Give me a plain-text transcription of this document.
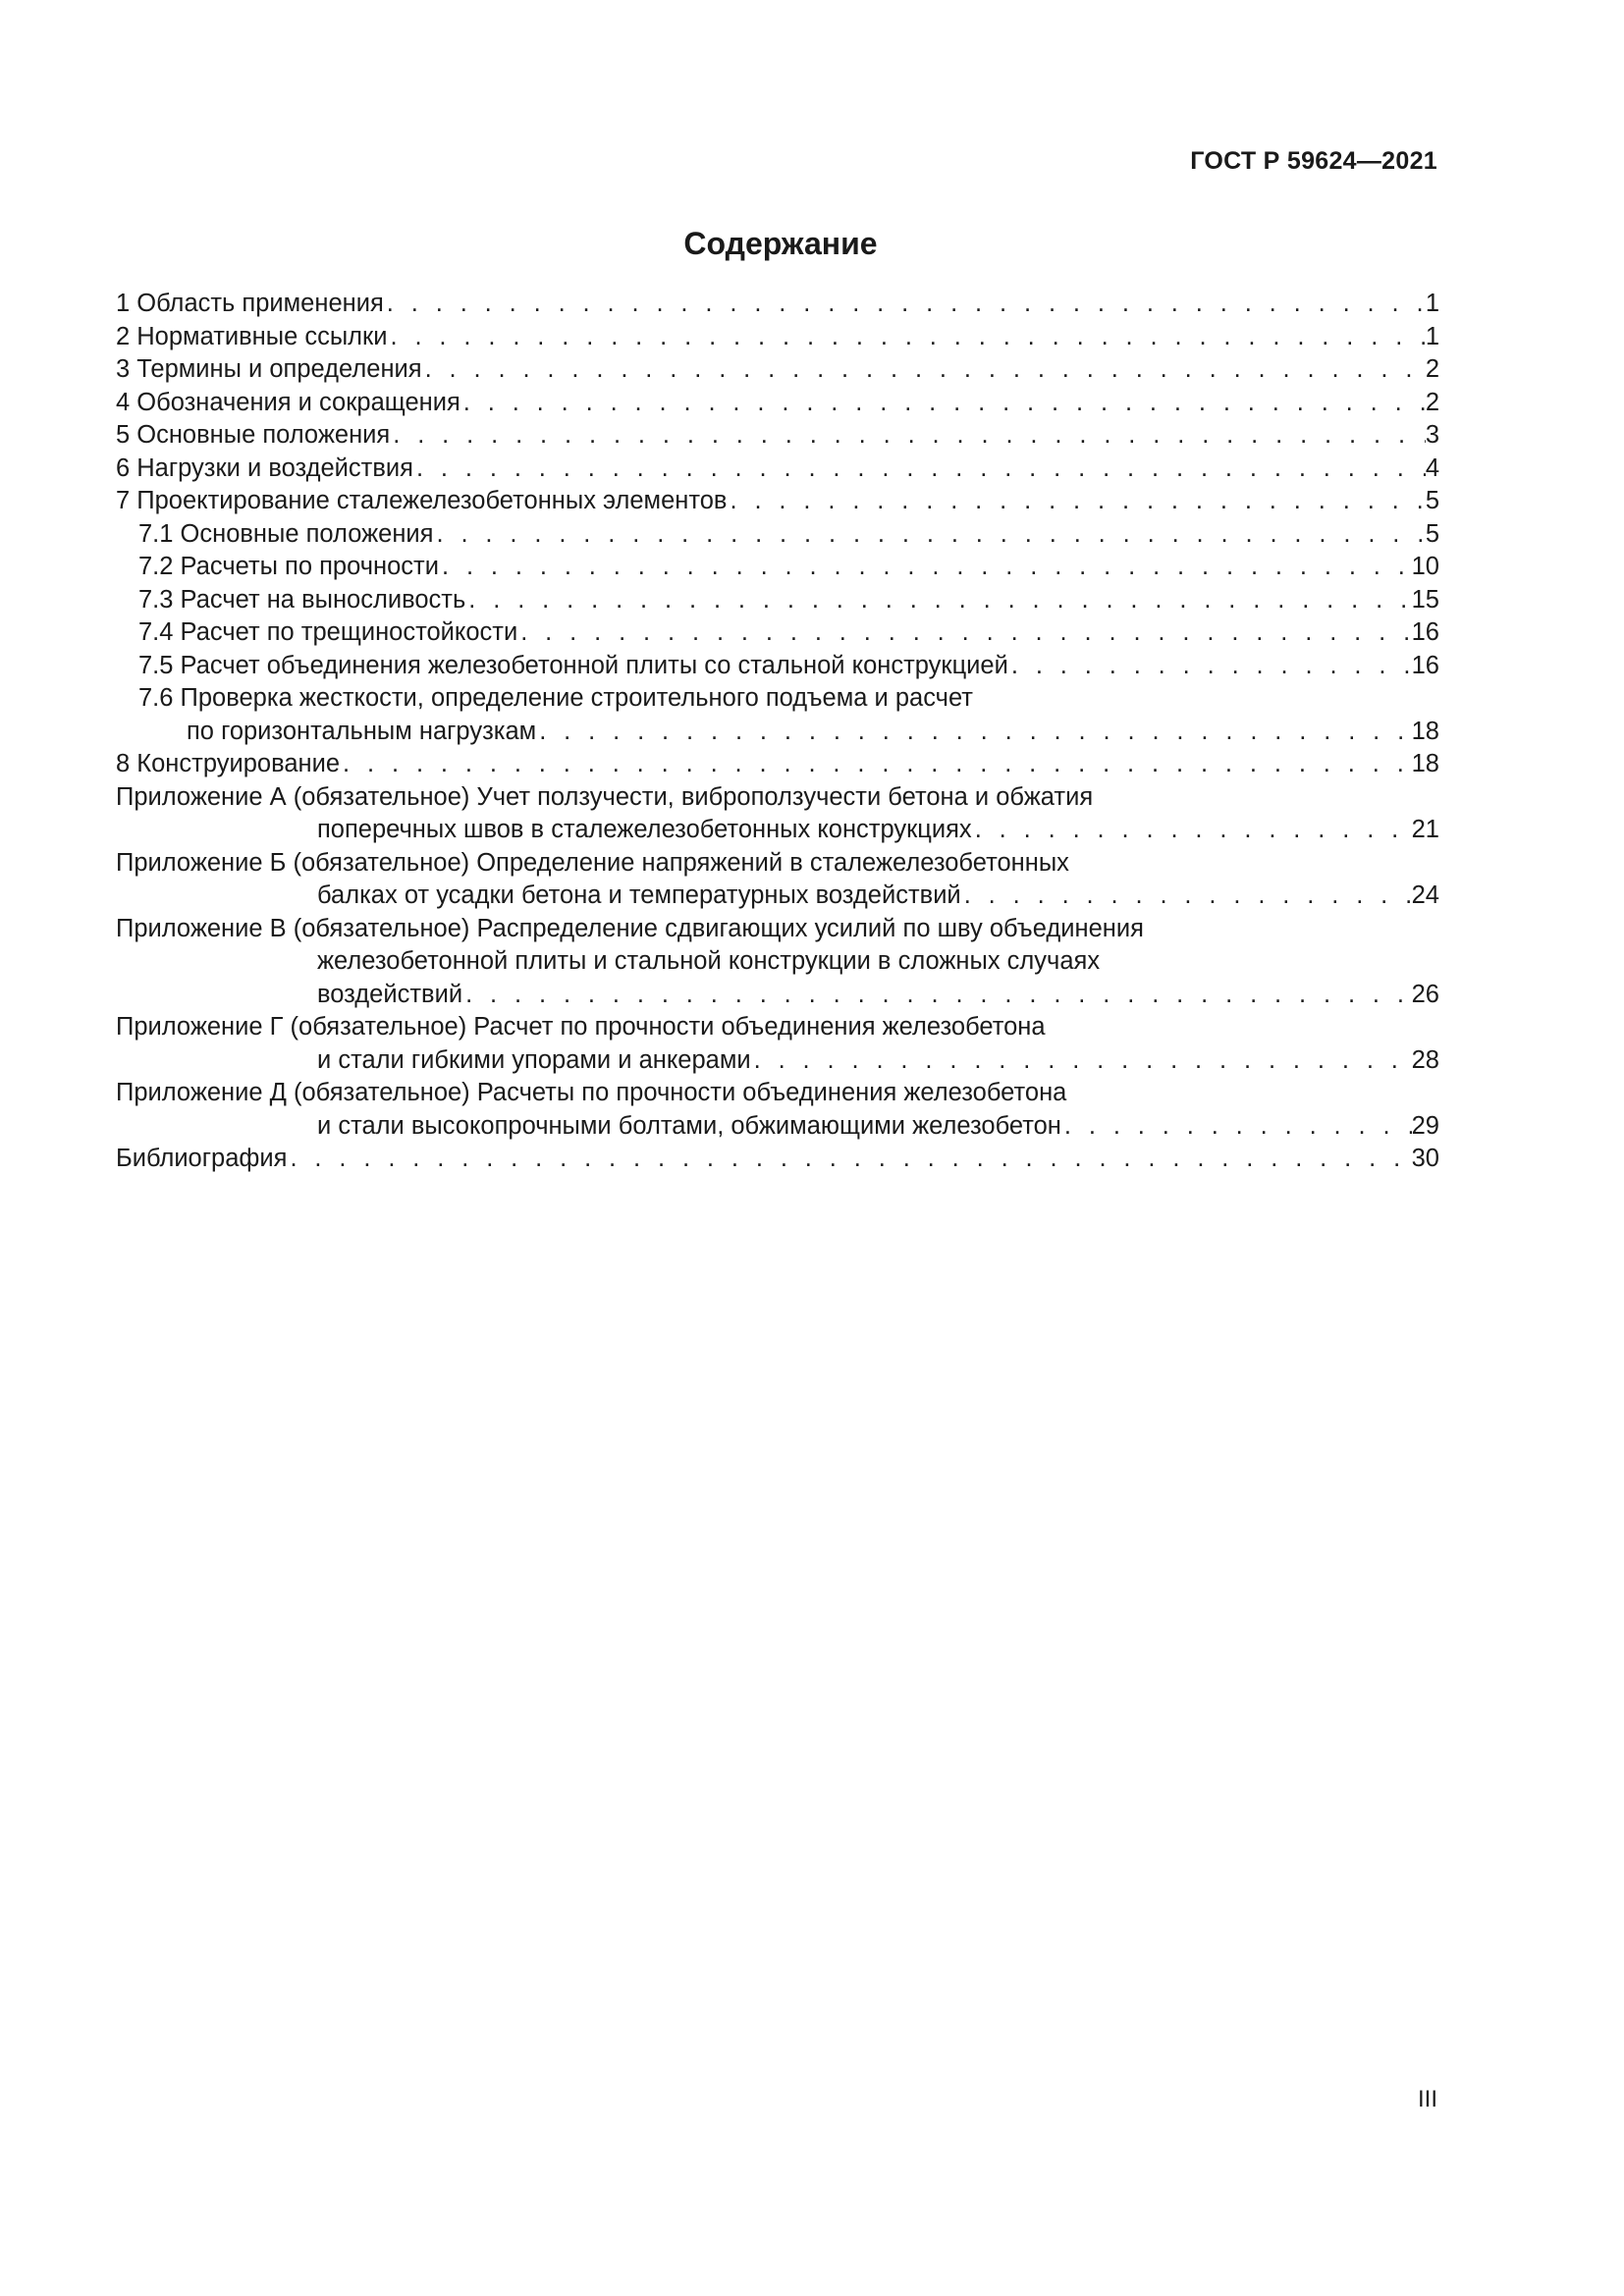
ГОСТ Р 59624—2021
Содержание
1 Область применения . . .	1
2 Нормативные ссылки . . .	1
3 Термины и определения . . .	2
4 Обозначения и сокращения . . .	2
5 Основные положения . . .	3
6 Нагрузки и воздействия . . .	4
7 Проектирование сталежелезобетонных элементов . . .	5
7.1 Основные положения . . .	5
7.2 Расчеты по прочности . . .	10
7.3 Расчет на выносливость . . .	15
7.4 Расчет по трещиностойкости . . .	16
7.5 Расчет объединения железобетонной плиты со стальной конструкцией . . .	16
7.6 Проверка жесткости, определение строительного подъема и расчет
по горизонтальным нагрузкам . . .	18
8 Конструирование . . .	18
Приложение А (обязательное) Учет ползучести, виброползучести бетона и обжатия
поперечных швов в сталежелезобетонных конструкциях . . .	21
Приложение Б (обязательное) Определение напряжений в сталежелезобетонных
балках от усадки бетона и температурных воздействий . . .	24
Приложение В (обязательное) Распределение сдвигающих усилий по шву объединения
железобетонной плиты и стальной конструкции в сложных случаях
воздействий . . .	26
Приложение Г (обязательное) Расчет по прочности объединения железобетона
и стали гибкими упорами и анкерами . . .	28
Приложение Д (обязательное) Расчеты по прочности объединения железобетона
и стали высокопрочными болтами, обжимающими железобетон . . .	29
Библиография . . .	30
III
